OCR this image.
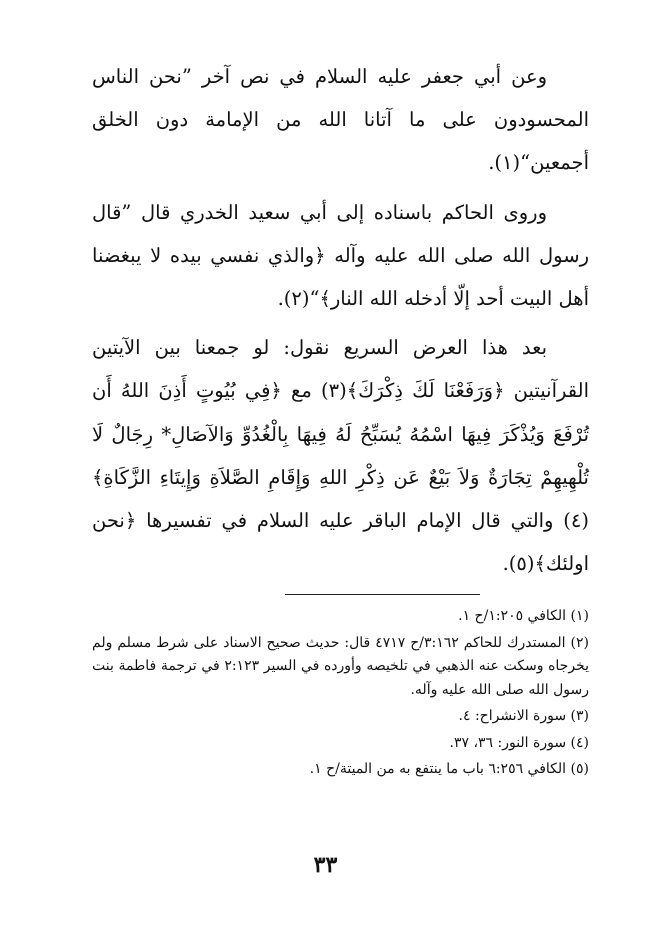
وعن أبي جعفر عليه السلام في نص آخر ”نحن الناس المحسودون على ما آتانا الله من الإمامة دون الخلق أجمعين“(١).

وروى الحاكم باسناده إلى أبي سعيد الخدري قال ”قال رسول الله صلى الله عليه وآله ﴿والذي نفسي بيده لا يبغضنا أهل البيت أحد إلّا أدخله الله النار﴾“(٢).

بعد هذا العرض السريع نقول: لو جمعنا بين الآيتين القرآنيتين ﴿وَرَفَعْنَا لَكَ ذِكْرَكَ﴾(٣) مع ﴿فِي بُيُوتٍ أَذِنَ اللهُ أَن تُرْفَعَ وَيُذْكَرَ فِيهَا اسْمُهُ يُسَبِّحُ لَهُ فِيهَا بِالْغُدُوِّ وَالآصَالِ* رِجَالٌ لَا تُلْهِيهِمْ تِجَارَةٌ وَلاَ بَيْعٌ عَن ذِكْرِ اللهِ وَإِقَامِ الصَّلاَةِ وَإِيتَاءِ الزَّكَاةِ﴾(٤) والتي قال الإمام الباقر عليه السلام في تفسيرها ﴿نحن اولئك﴾(٥).

(١) الكافي ١:٢٠٥/ح ١.

(٢) المستدرك للحاكم ٣:١٦٢/ح ٤٧١٧ قال: حديث صحيح الاسناد على شرط مسلم ولم يخرجاه وسكت عنه الذهبي في تلخيصه وأورده في السير ٢:١٢٣ في ترجمة فاطمة بنت رسول الله صلى الله عليه وآله.

(٣) سورة الانشراح: ٤.

(٤) سورة النور: ٣٦، ٣٧.

(٥) الكافي ٦:٢٥٦ باب ما ينتفع به من الميتة/ح ١.

٣٣
